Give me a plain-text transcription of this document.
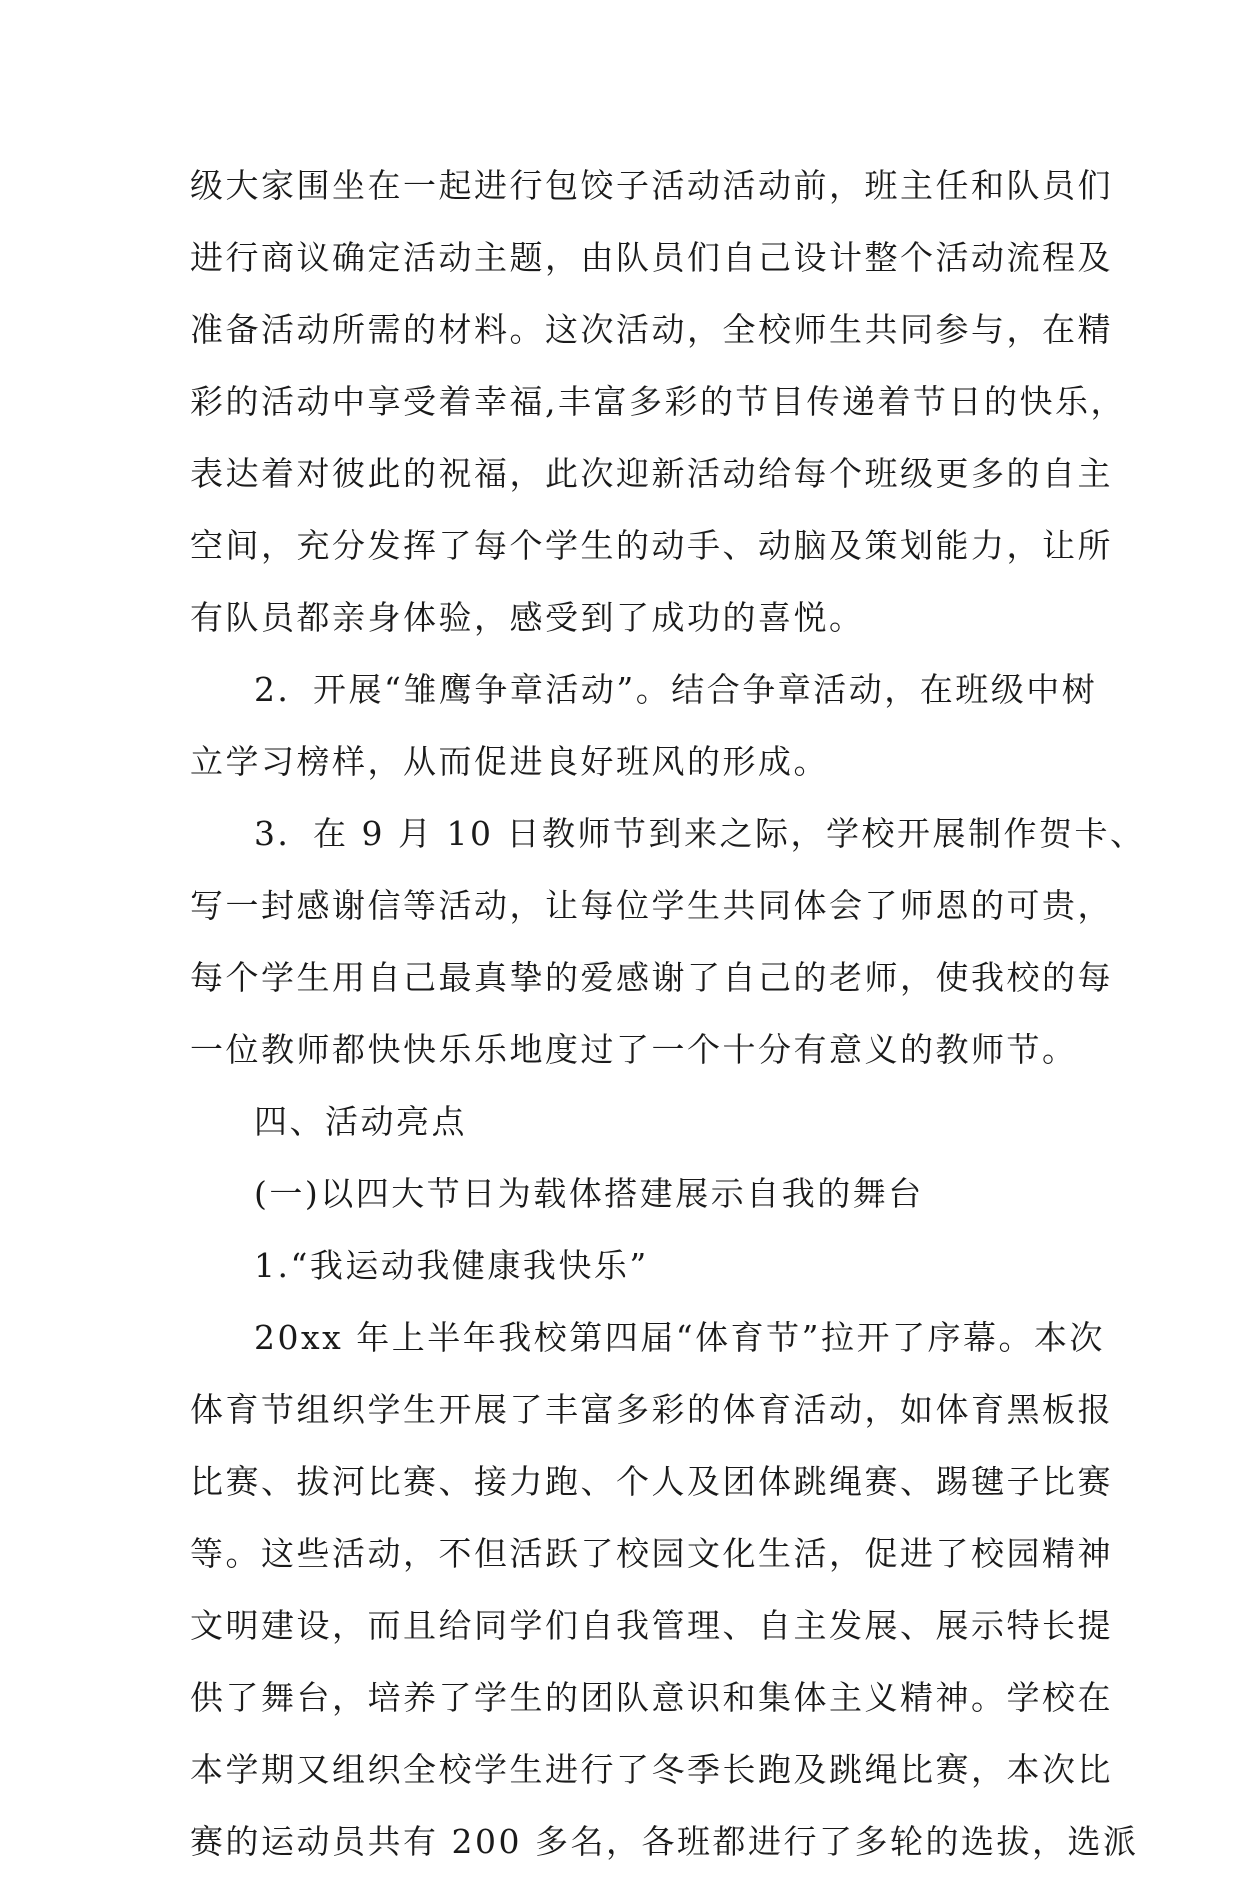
级大家围坐在一起进行包饺子活动活动前，班主任和队员们
进行商议确定活动主题，由队员们自己设计整个活动流程及
准备活动所需的材料。这次活动，全校师生共同参与，在精
彩的活动中享受着幸福,丰富多彩的节目传递着节日的快乐，
表达着对彼此的祝福，此次迎新活动给每个班级更多的自主
空间，充分发挥了每个学生的动手、动脑及策划能力，让所
有队员都亲身体验，感受到了成功的喜悦。
2．开展“雏鹰争章活动”。结合争章活动，在班级中树
立学习榜样，从而促进良好班风的形成。
3．在 9 月 10 日教师节到来之际，学校开展制作贺卡、
写一封感谢信等活动，让每位学生共同体会了师恩的可贵，
每个学生用自己最真挚的爱感谢了自己的老师，使我校的每
一位教师都快快乐乐地度过了一个十分有意义的教师节。
四、活动亮点
(一)以四大节日为载体搭建展示自我的舞台
1.“我运动我健康我快乐”
20xx 年上半年我校第四届“体育节”拉开了序幕。本次
体育节组织学生开展了丰富多彩的体育活动，如体育黑板报
比赛、拔河比赛、接力跑、个人及团体跳绳赛、踢毽子比赛
等。这些活动，不但活跃了校园文化生活，促进了校园精神
文明建设，而且给同学们自我管理、自主发展、展示特长提
供了舞台，培养了学生的团队意识和集体主义精神。学校在
本学期又组织全校学生进行了冬季长跑及跳绳比赛，本次比
赛的运动员共有 200 多名，各班都进行了多轮的选拔，选派
